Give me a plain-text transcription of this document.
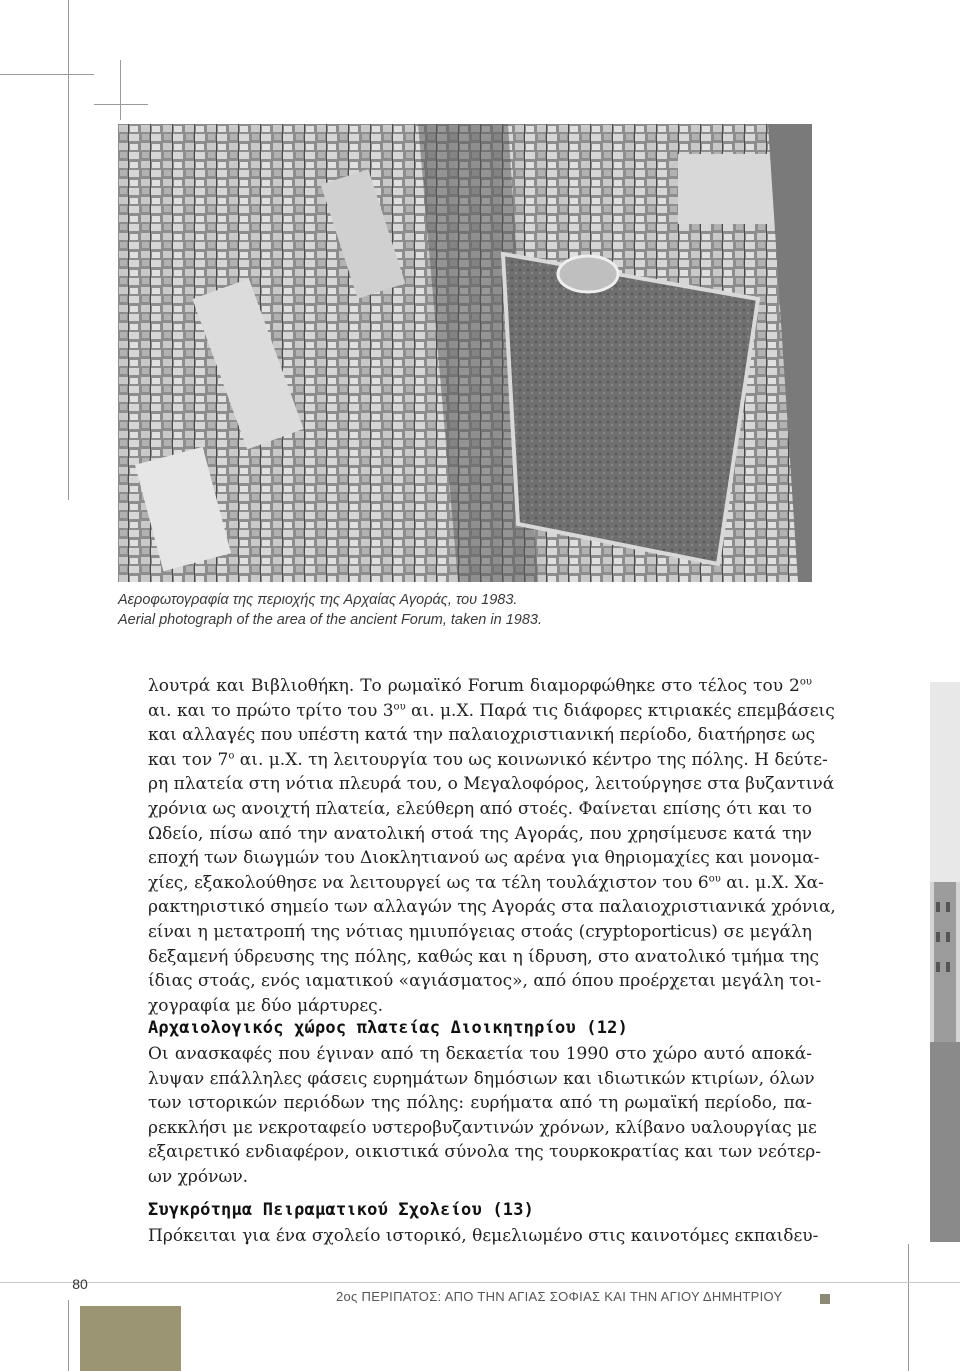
Αεροφωτογραφία της περιοχής της Αρχαίας Αγοράς, του 1983.
Aerial photograph of the area of the ancient Forum, taken in 1983.
λουτρά και Βιβλιοθήκη. Το ρωμαϊκό Forum διαμορφώθηκε στο τέλος του $2^{o\upsilon}$
αι. και το πρώτο τρίτο του $3^{o\upsilon}$ αι. μ.Χ. Παρά τις διάφορες κτιριακές επεμβάσεις
και αλλαγές που υπέστη κατά την παλαιοχριστιανική περίοδο, διατήρησε ως
και τον $7^o$ αι. μ.Χ. τη λειτουργία του ως κοινωνικό κέντρο της πόλης. Η δεύτε-
ρη πλατεία στη νότια πλευρά του, ο Μεγαλοφόρος, λειτούργησε στα βυζαντινά
χρόνια ως ανοιχτή πλατεία, ελεύθερη από στοές. Φαίνεται επίσης ότι και το
Ωδείο, πίσω από την ανατολική στοά της Αγοράς, που χρησίμευσε κατά την
εποχή των διωγμών του Διοκλητιανού ως αρένα για θηριομαχίες και μονομα-
χίες, εξακολούθησε να λειτουργεί ως τα τέλη τουλάχιστον του $6^{o\upsilon}$ αι. μ.Χ. Χα-
ρακτηριστικό σημείο των αλλαγών της Αγοράς στα παλαιοχριστιανικά χρόνια,
είναι η μετατροπή της νότιας ημιυπόγειας στοάς (cryptoporticus) σε μεγάλη
δεξαμενή ύδρευσης της πόλης, καθώς και η ίδρυση, στο ανατολικό τμήμα της
ίδιας στοάς, ενός ιαματικού «αγιάσματος», από όπου προέρχεται μεγάλη τοι-
χογραφία με δύο μάρτυρες.
Αρχαιολογικός χώρος πλατείας Διοικητηρίου (12)
Οι ανασκαφές που έγιναν από τη δεκαετία του 1990 στο χώρο αυτό αποκά-
λυψαν επάλληλες φάσεις ευρημάτων δημόσιων και ιδιωτικών κτιρίων, όλων
των ιστορικών περιόδων της πόλης: ευρήματα από τη ρωμαϊκή περίοδο, πα-
ρεκκλήσι με νεκροταφείο υστεροβυζαντινών χρόνων, κλίβανο υαλουργίας με
εξαιρετικό ενδιαφέρον, οικιστικά σύνολα της τουρκοκρατίας και των νεότερ-
ων χρόνων.
Συγκρότημα Πειραματικού Σχολείου (13)
Πρόκειται για ένα σχολείο ιστορικό, θεμελιωμένο στις καινοτόμες εκπαιδευ-
80
2ος ΠΕΡΙΠΑΤΟΣ: ΑΠΟ ΤΗΝ ΑΓΙΑΣ ΣΟΦΙΑΣ ΚΑΙ ΤΗΝ ΑΓΙΟΥ ΔΗΜΗΤΡΙΟΥ
